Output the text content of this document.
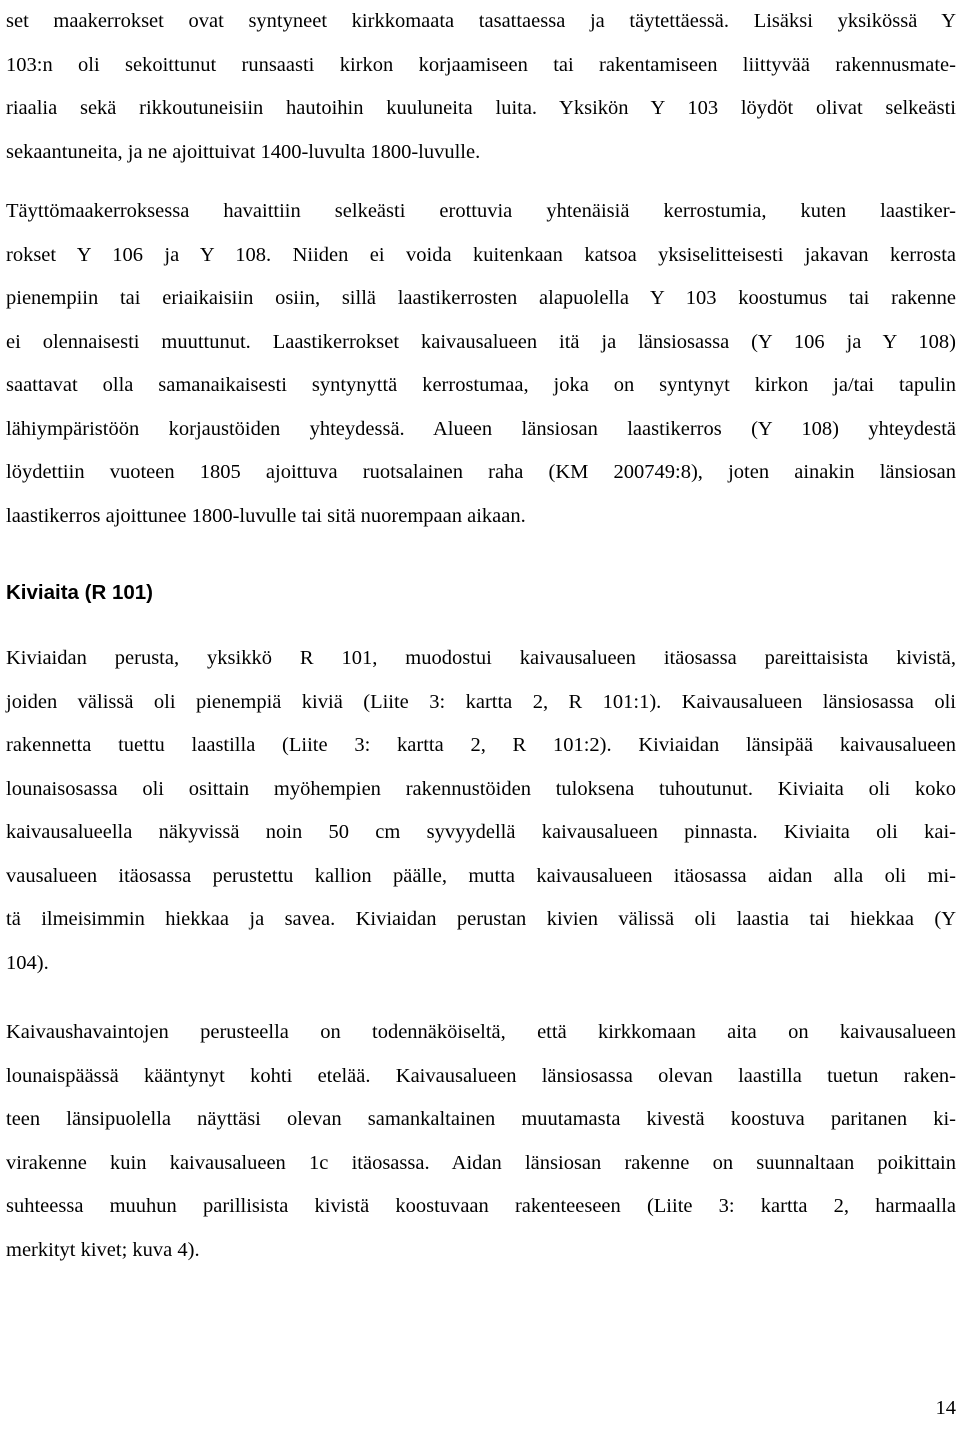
set maakerrokset ovat syntyneet kirkkomaata tasattaessa ja täytettäessä. Lisäksi yksikössä Y
103:n oli sekoittunut runsaasti kirkon korjaamiseen tai rakentamiseen liittyvää rakennusmate-
riaalia sekä rikkoutuneisiin hautoihin kuuluneita luita. Yksikön Y 103 löydöt olivat selkeästi
sekaantuneita, ja ne ajoittuivat 1400-luvulta 1800-luvulle.
Täyttömaakerroksessa havaittiin selkeästi erottuvia yhtenäisiä kerrostumia, kuten laastiker-
rokset Y 106 ja Y 108. Niiden ei voida kuitenkaan katsoa yksiselitteisesti jakavan kerrosta
pienempiin tai eriaikaisiin osiin, sillä laastikerrosten alapuolella Y 103 koostumus tai rakenne
ei olennaisesti muuttunut. Laastikerrokset kaivausalueen itä ja länsiosassa (Y 106 ja Y 108)
saattavat olla samanaikaisesti syntynyttä kerrostumaa, joka on syntynyt kirkon ja/tai tapulin
lähiympäristöön korjaustöiden yhteydessä. Alueen länsiosan laastikerros (Y 108) yhteydestä
löydettiin vuoteen 1805 ajoittuva ruotsalainen raha (KM 200749:8), joten ainakin länsiosan
laastikerros ajoittunee 1800-luvulle tai sitä nuorempaan aikaan.
Kiviaita (R 101)
Kiviaidan perusta, yksikkö R 101, muodostui kaivausalueen itäosassa pareittaisista kivistä,
joiden välissä oli pienempiä kiviä (Liite 3: kartta 2, R 101:1). Kaivausalueen länsiosassa oli
rakennetta tuettu laastilla (Liite 3: kartta 2, R 101:2). Kiviaidan länsipää kaivausalueen
lounaisosassa oli osittain myöhempien rakennustöiden tuloksena tuhoutunut. Kiviaita oli koko
kaivausalueella näkyvissä noin 50 cm syvyydellä kaivausalueen pinnasta. Kiviaita oli kai-
vausalueen itäosassa perustettu kallion päälle, mutta kaivausalueen itäosassa aidan alla oli mi-
tä ilmeisimmin hiekkaa ja savea. Kiviaidan perustan kivien välissä oli laastia tai hiekkaa (Y
104).
Kaivaushavaintojen perusteella on todennäköiseltä, että kirkkomaan aita on kaivausalueen
lounaispäässä kääntynyt kohti etelää. Kaivausalueen länsiosassa olevan laastilla tuetun raken-
teen länsipuolella näyttäsi olevan samankaltainen muutamasta kivestä koostuva paritanen ki-
virakenne kuin kaivausalueen 1c itäosassa. Aidan länsiosan rakenne on suunnaltaan poikittain
suhteessa muuhun parillisista kivistä koostuvaan rakenteeseen (Liite 3: kartta 2, harmaalla
merkityt kivet; kuva 4).
14
